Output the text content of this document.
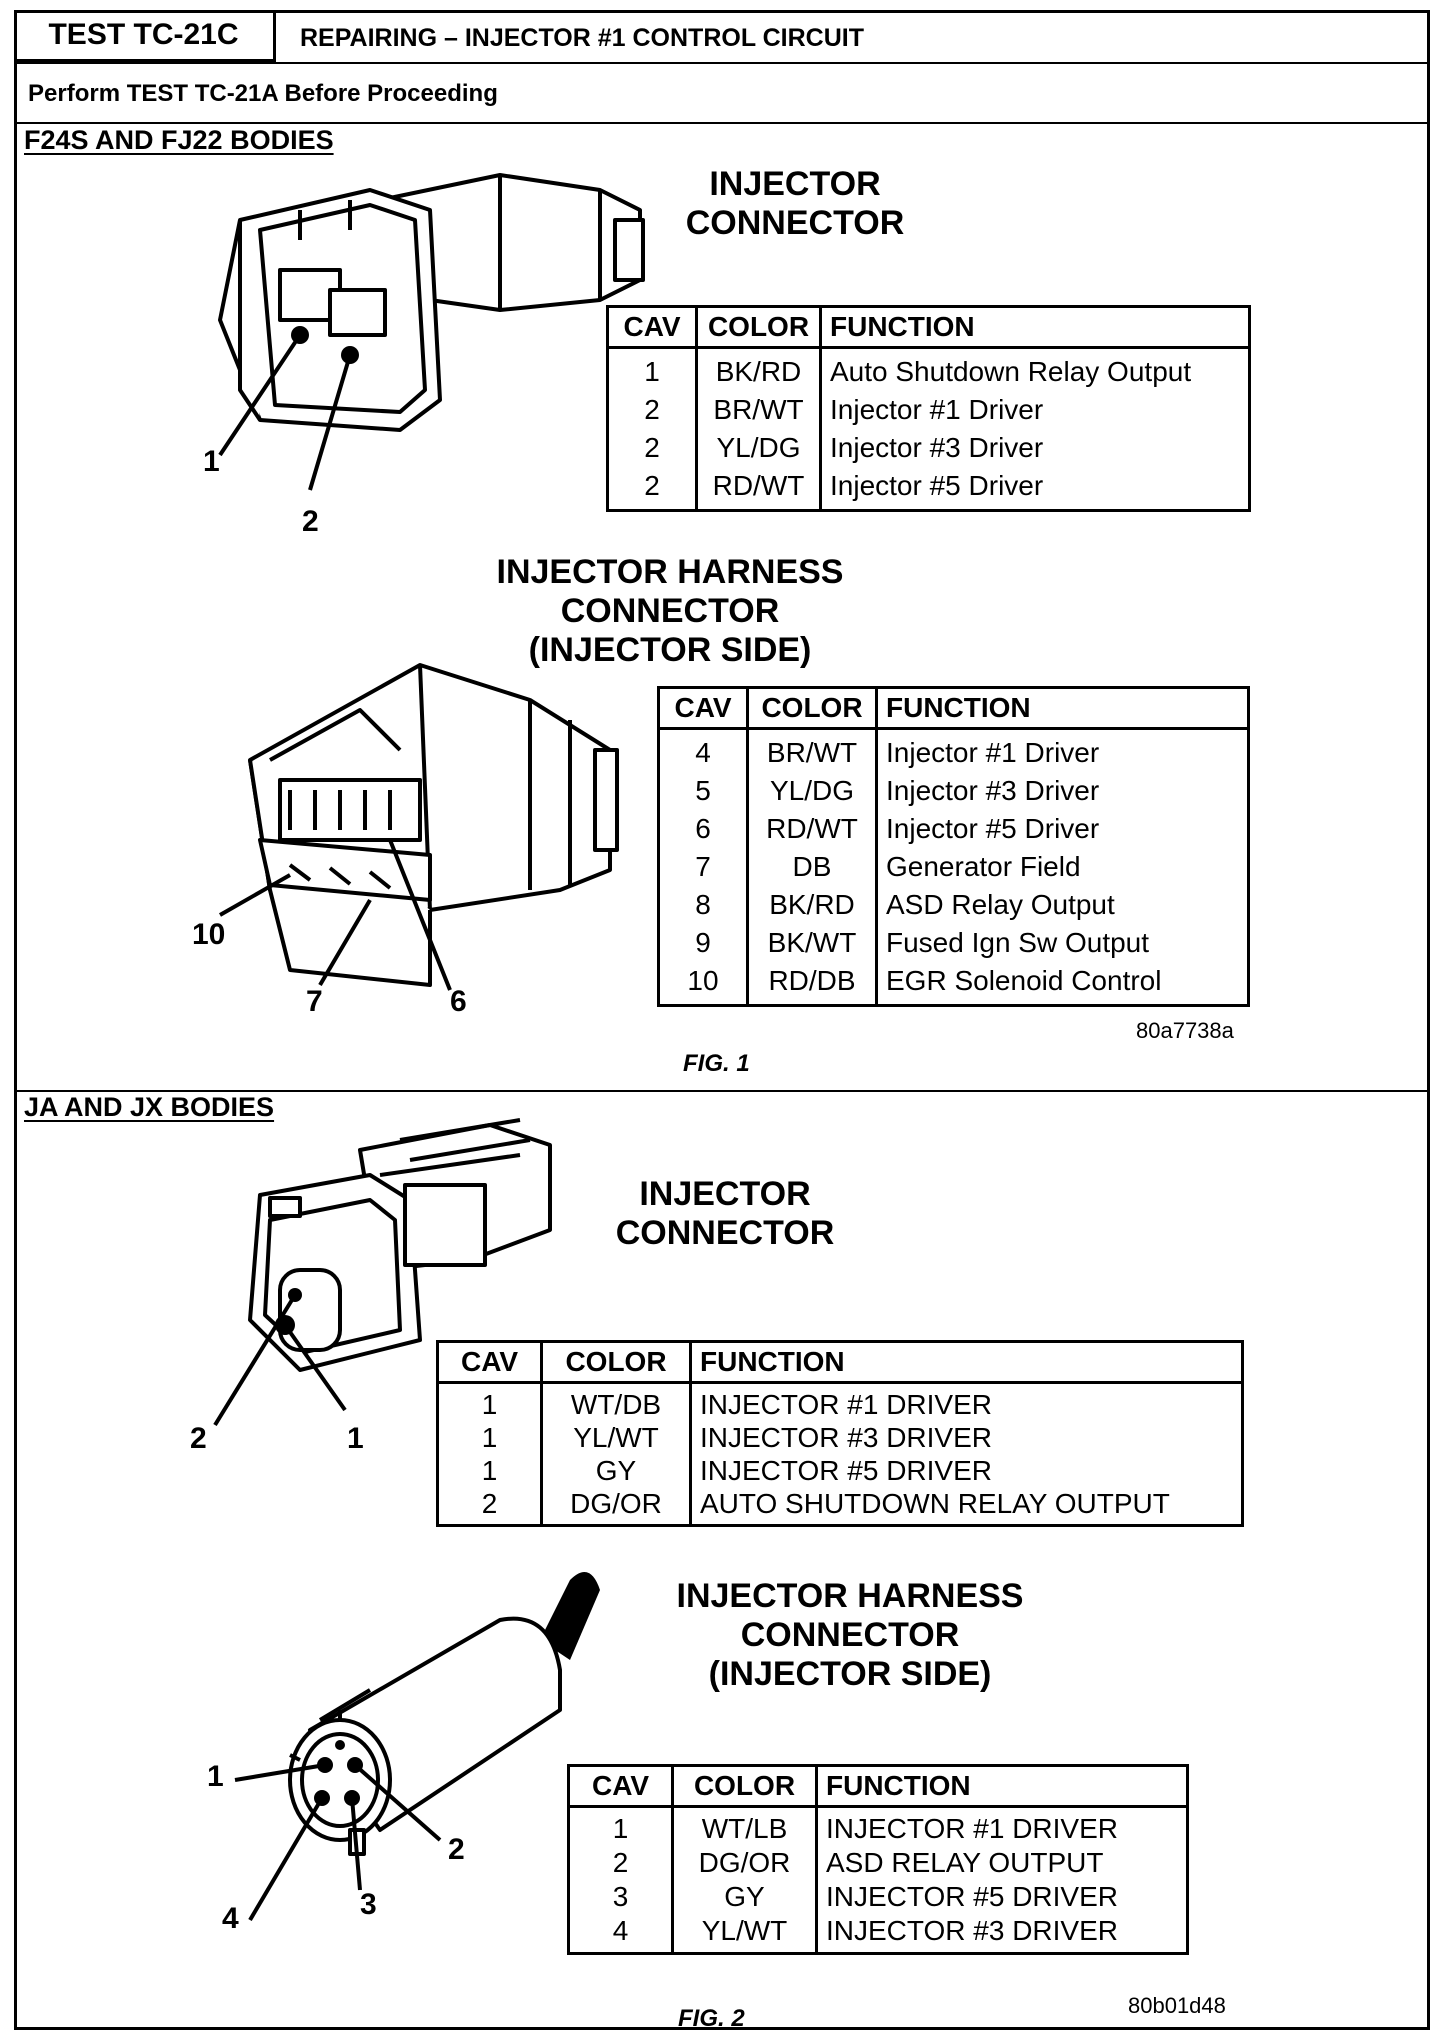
TEST TC-21C REPAIRING – INJECTOR #1 CONTROL CIRCUIT
Perform TEST TC-21A Before Proceeding
F24S AND FJ22 BODIES
1
2
INJECTOR
CONNECTOR
CAV	COLOR	FUNCTION
1	BK/RD	Auto Shutdown Relay Output
2	BR/WT	Injector #1 Driver
2	YL/DG	Injector #3 Driver
2	RD/WT	Injector #5 Driver
INJECTOR HARNESS
CONNECTOR
(INJECTOR SIDE)
10
7	6
CAV	COLOR	FUNCTION
4	BR/WT	Injector #1 Driver
5	YL/DG	Injector #3 Driver
6	RD/WT	Injector #5 Driver
7	DB	Generator Field
8	BK/RD	ASD Relay Output
9	BK/WT	Fused Ign Sw Output
10	RD/DB	EGR Solenoid Control
80a7738a
FIG. 1
JA AND JX BODIES
2	1
INJECTOR
CONNECTOR
CAV	COLOR	FUNCTION
1	WT/DB	INJECTOR #1 DRIVER
1	YL/WT	INJECTOR #3 DRIVER
1	GY	INJECTOR #5 DRIVER
2	DG/OR	AUTO SHUTDOWN RELAY OUTPUT
INJECTOR HARNESS
CONNECTOR
(INJECTOR SIDE)
1
2
4	3
CAV	COLOR	FUNCTION
1	WT/LB	INJECTOR #1 DRIVER
2	DG/OR	ASD RELAY OUTPUT
3	GY	INJECTOR #5 DRIVER
4	YL/WT	INJECTOR #3 DRIVER
80b01d48
FIG. 2
